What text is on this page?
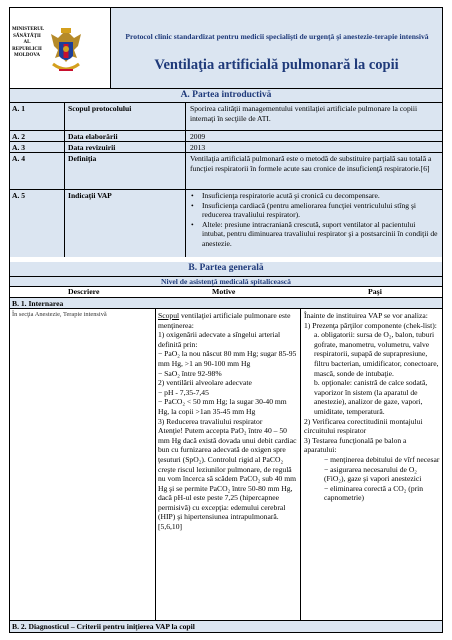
MINISTERUL
SĂNĂTĂŢII
AL REPUBLICII
MOLDOVA
Protocol clinic standardizat pentru medicii specialişti de urgenţă şi anestezie-terapie intensivă
Ventilaţia artificială pulmonară la copii
A. Partea introductivă
A. 1	Scopul protocolului	Sporirea calităţii managementului ventilaţiei artificiale pulmonare la copiii internaţi în secţiile de ATI.
A. 2	Data elaborării	2009
A. 3	Data revizuirii	2013
A. 4	Definiţia	Ventilaţia artificială pulmonară este o metodă de substituire parţială sau totală a funcţiei respiratorii în formele acute sau cronice de insuficienţă respiratorie.[6]
A. 5	Indicaţii VAP
•	Insuficienţa respiratorie acută şi cronică cu decompensare.
• Insuficienţa cardiacă (pentru ameliorarea funcţiei ventriculului stîng şi reducerea travaliului respirator).
• Altele: presiune intracraniană crescută, suport ventilator al pacientului intubat, pentru diminuarea travaliului respirator şi a postsarcinii în condiţii de anestezie.
B. Partea generală
Nivel de asistenţă medicală spitalicească
Descriere	Motive	Paşi
B. 1. Internarea
În secţia Anestezie, Terapie intensivă	Scopul ventilaţiei artificiale pulmonare este menţinerea:
1) oxigenării adecvate a sîngelui arterial definită prin:
− PaO₂ la nou născut 80 mm Hg; sugar 85-95 mm Hg, >1 an 90-100 mm Hg
− SaO₂ între 92-98%
2) ventilării alveolare adecvate
− pH - 7,35-7,45
− PaCO₂ < 50 mm Hg; la sugar 30-40 mm Hg, la copii >1an 35-45 mm Hg
3) Reducerea travaliului respirator
Atenţie! Putem accepta PaO₂ între 40 – 50 mm Hg dacă există dovada unui debit cardiac bun cu furnizarea adecvată de oxigen spre ţesuturi (SpO₂). Controlul rigid al PaCO₂ creşte riscul leziunilor pulmonare, de regulă nu vom încerca să scădem PaCO₂ sub 40 mm Hg şi se permite PaCO₂ între 50-80 mm Hg, dacă pH-ul este peste 7,25 (hipercapnee permisivă) cu excepţia: edemului cerebral (HIP) şi hipertensiunea intrapulmonară. [5,6,10]
Înainte de instituirea VAP se vor analiza:
1) Prezenţa părţilor componente (chek-list):
a. obligatorii: sursa de O₂, balon, tuburi gofrate, manometru, volumetru, valve respiratorii, supapă de suprapresiune, filtru bacterian, umidificator, conectoare, mască, sonde de intubaţie.
b. opţionale: canistră de calce sodată, vaporizor în sistem (la aparatul de anestezie), analizor de gaze, vapori, umiditate, temperatură.
2) Verificarea corectitudinii montajului circuitului respirator
3) Testarea funcţională pe balon a aparatului:
− menţinerea debitului de vîrf necesar
− asigurarea necesarului de O₂ (FiO₂), gaze şi vapori anestezici
− eliminarea corectă a CO₂ (prin capnometrie)
B. 2. Diagnosticul – Criterii pentru iniţierea VAP la copil
